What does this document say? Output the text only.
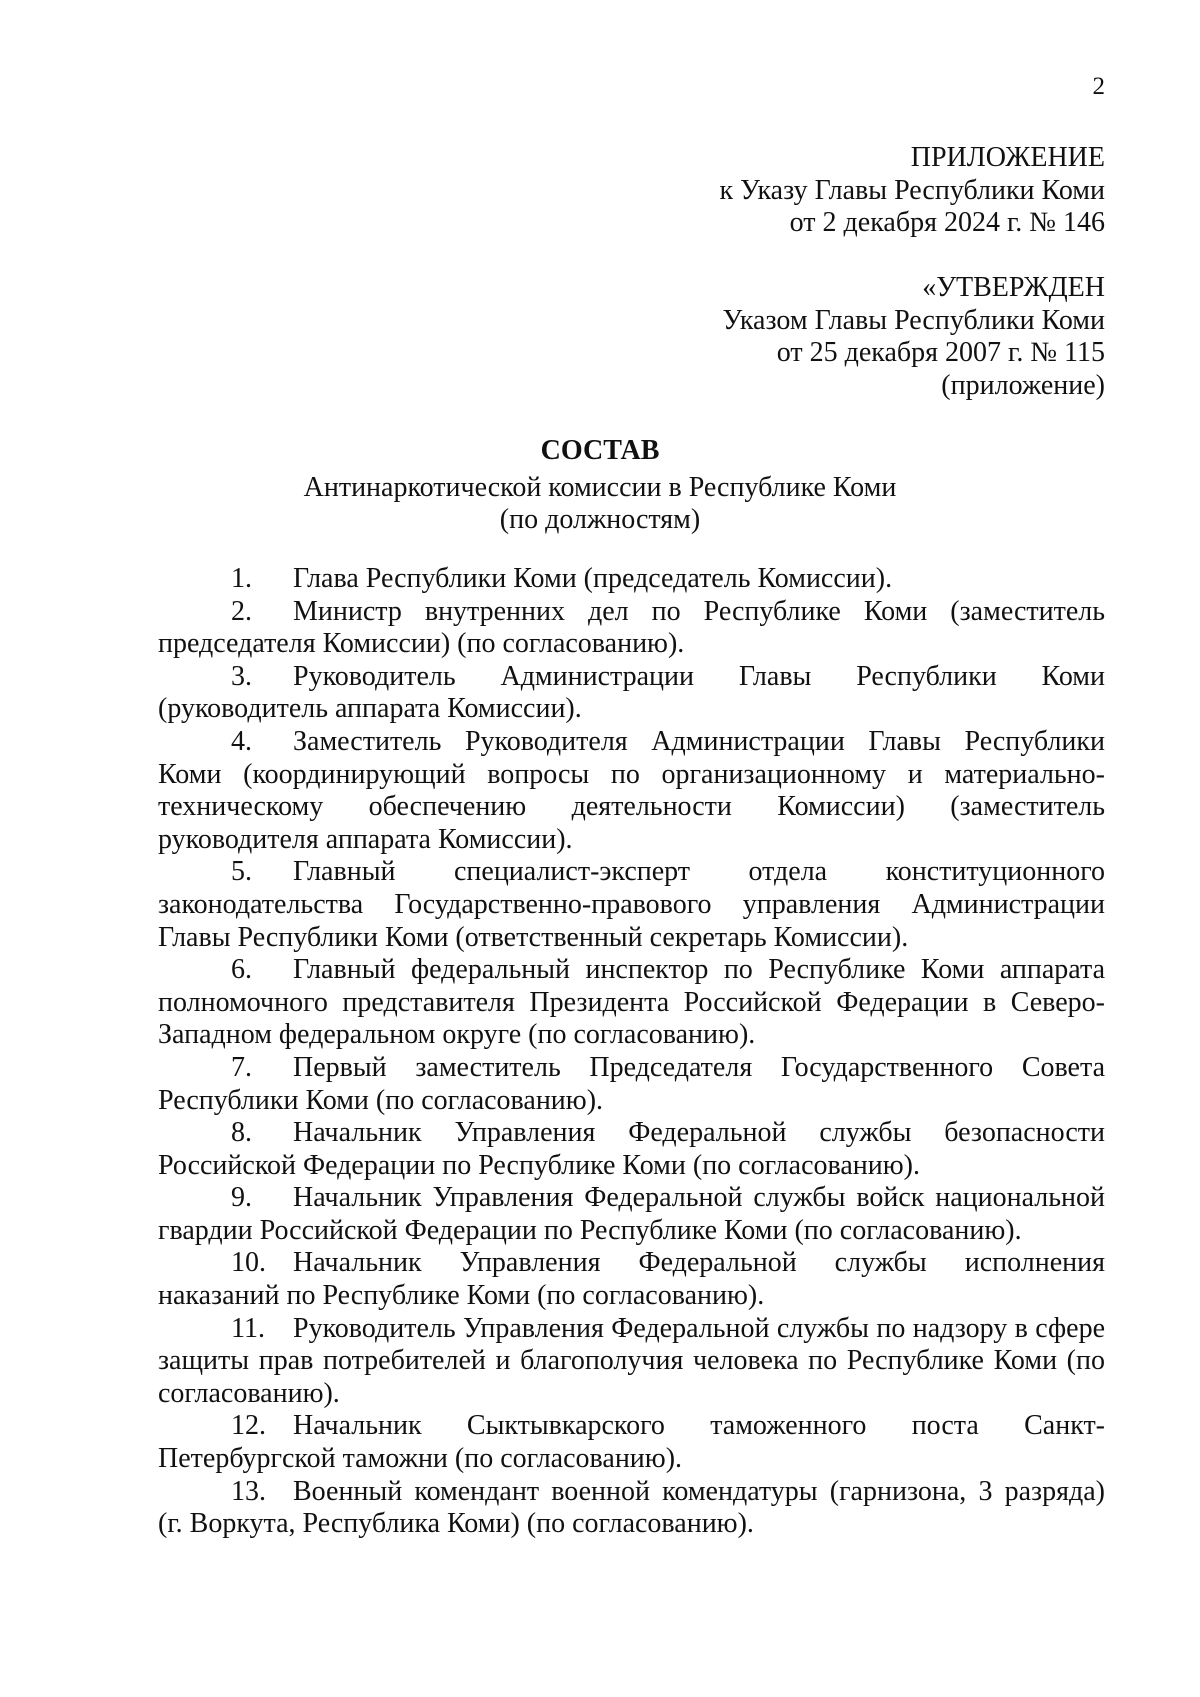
2
ПРИЛОЖЕНИЕ
к Указу Главы Республики Коми
от 2 декабря 2024 г. № 146
«УТВЕРЖДЕН
Указом Главы Республики Коми
от 25 декабря 2007 г. № 115
(приложение)
СОСТАВ
Антинаркотической комиссии в Республике Коми
(по должностям)
1. Глава Республики Коми (председатель Комиссии).
2. Министр внутренних дел по Республике Коми (заместитель председателя Комиссии) (по согласованию).
3. Руководитель Администрации Главы Республики Коми (руководитель аппарата Комиссии).
4. Заместитель Руководителя Администрации Главы Республики Коми (координирующий вопросы по организационному и материально-техническому обеспечению деятельности Комиссии) (заместитель руководителя аппарата Комиссии).
5. Главный специалист-эксперт отдела конституционного законодательства Государственно-правового управления Администрации Главы Республики Коми (ответственный секретарь Комиссии).
6. Главный федеральный инспектор по Республике Коми аппарата полномочного представителя Президента Российской Федерации в Северо-Западном федеральном округе (по согласованию).
7. Первый заместитель Председателя Государственного Совета Республики Коми (по согласованию).
8. Начальник Управления Федеральной службы безопасности Российской Федерации по Республике Коми (по согласованию).
9. Начальник Управления Федеральной службы войск национальной гвардии Российской Федерации по Республике Коми (по согласованию).
10. Начальник Управления Федеральной службы исполнения наказаний по Республике Коми (по согласованию).
11. Руководитель Управления Федеральной службы по надзору в сфере защиты прав потребителей и благополучия человека по Республике Коми (по согласованию).
12. Начальник Сыктывкарского таможенного поста Санкт-Петербургской таможни (по согласованию).
13. Военный комендант военной комендатуры (гарнизона, 3 разряда) (г. Воркута, Республика Коми) (по согласованию).
